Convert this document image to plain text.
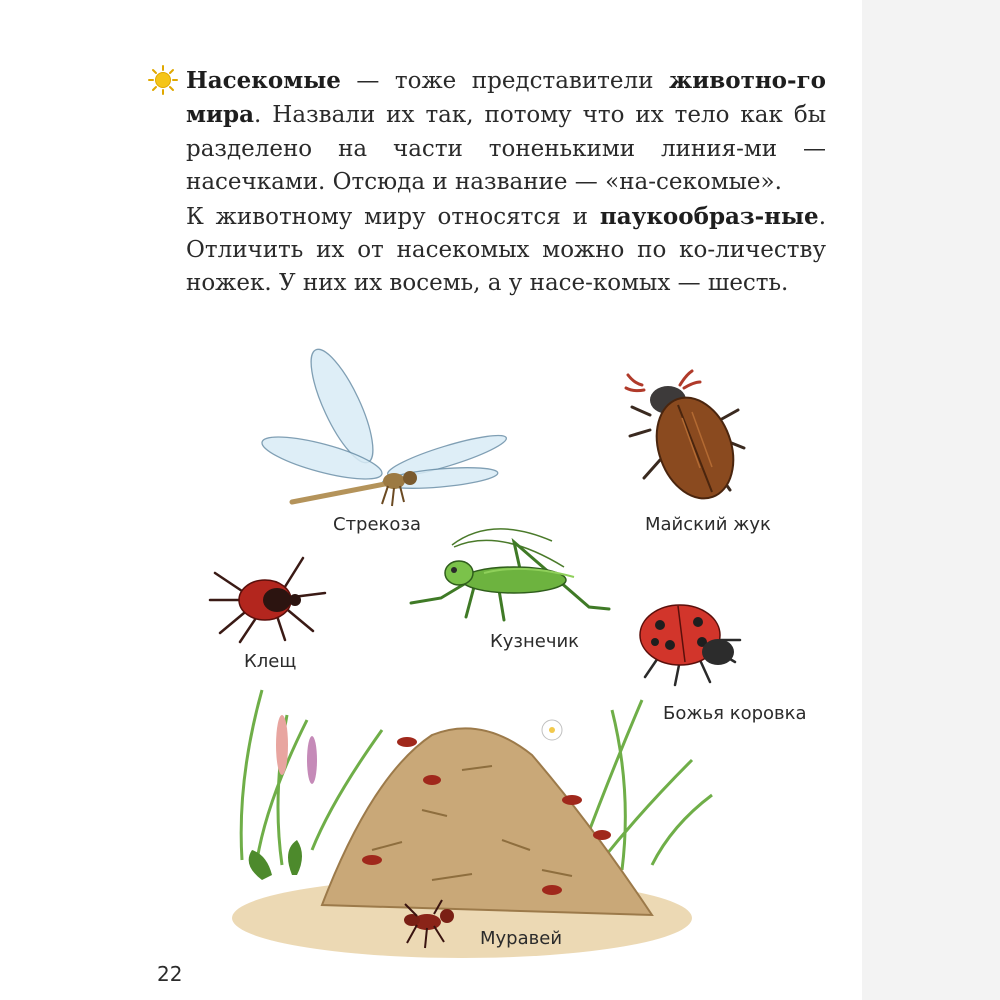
Насекомые — тоже представители животно-го мира. Назвали их так, потому что их тело как бы разделено на части тоненькими линия-ми — насечками. Отсюда и название — «на-секомые».

К животному миру относятся и паукообраз-ные. Отличить их от насекомых можно по ко-личеству ножек. У них их восемь, а у насе-комых — шесть.

Стрекоза	Майский жук
Клещ
Кузнечик
Божья коровка
Муравей
22
